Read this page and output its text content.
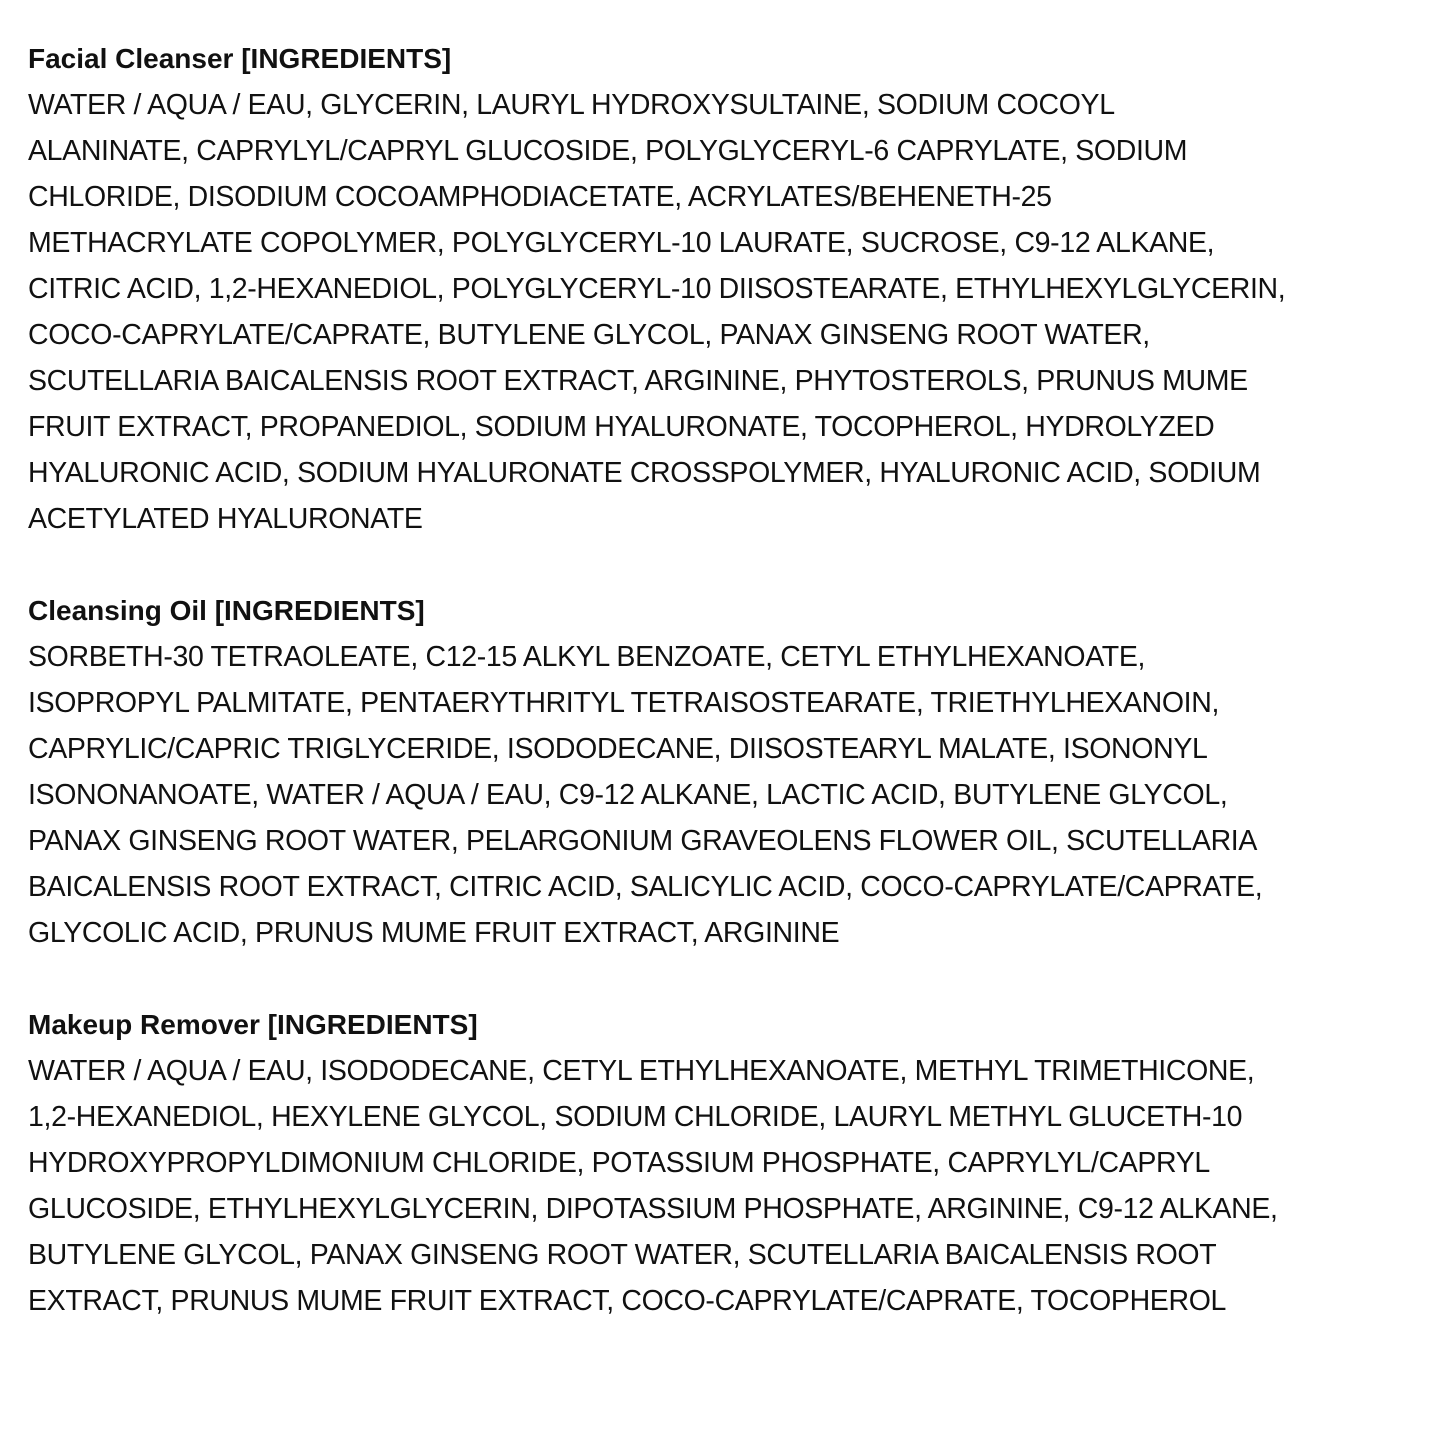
Facial Cleanser [INGREDIENTS]

WATER / AQUA / EAU, GLYCERIN, LAURYL HYDROXYSULTAINE, SODIUM COCOYL

ALANINATE, CAPRYLYL/CAPRYL GLUCOSIDE, POLYGLYCERYL-6 CAPRYLATE, SODIUM

CHLORIDE, DISODIUM COCOAMPHODIACETATE, ACRYLATES/BEHENETH-25

METHACRYLATE COPOLYMER, POLYGLYCERYL-10 LAURATE, SUCROSE, C9-12 ALKANE,

CITRIC ACID, 1,2-HEXANEDIOL, POLYGLYCERYL-10 DIISOSTEARATE, ETHYLHEXYLGLYCERIN,

COCO-CAPRYLATE/CAPRATE, BUTYLENE GLYCOL, PANAX GINSENG ROOT WATER,

SCUTELLARIA BAICALENSIS ROOT EXTRACT, ARGININE, PHYTOSTEROLS, PRUNUS MUME

FRUIT EXTRACT, PROPANEDIOL, SODIUM HYALURONATE, TOCOPHEROL, HYDROLYZED

HYALURONIC ACID, SODIUM HYALURONATE CROSSPOLYMER, HYALURONIC ACID, SODIUM

ACETYLATED HYALURONATE

Cleansing Oil [INGREDIENTS]

SORBETH-30 TETRAOLEATE, C12-15 ALKYL BENZOATE, CETYL ETHYLHEXANOATE,

ISOPROPYL PALMITATE, PENTAERYTHRITYL TETRAISOSTEARATE, TRIETHYLHEXANOIN,

CAPRYLIC/CAPRIC TRIGLYCERIDE, ISODODECANE, DIISOSTEARYL MALATE, ISONONYL

ISONONANOATE, WATER / AQUA / EAU, C9-12 ALKANE, LACTIC ACID, BUTYLENE GLYCOL,

PANAX GINSENG ROOT WATER, PELARGONIUM GRAVEOLENS FLOWER OIL, SCUTELLARIA

BAICALENSIS ROOT EXTRACT, CITRIC ACID, SALICYLIC ACID, COCO-CAPRYLATE/CAPRATE,

GLYCOLIC ACID, PRUNUS MUME FRUIT EXTRACT, ARGININE

Makeup Remover [INGREDIENTS]

WATER / AQUA / EAU, ISODODECANE, CETYL ETHYLHEXANOATE, METHYL TRIMETHICONE,

1,2-HEXANEDIOL, HEXYLENE GLYCOL, SODIUM CHLORIDE, LAURYL METHYL GLUCETH-10

HYDROXYPROPYLDIMONIUM CHLORIDE, POTASSIUM PHOSPHATE, CAPRYLYL/CAPRYL

GLUCOSIDE, ETHYLHEXYLGLYCERIN, DIPOTASSIUM PHOSPHATE, ARGININE, C9-12 ALKANE,

BUTYLENE GLYCOL, PANAX GINSENG ROOT WATER, SCUTELLARIA BAICALENSIS ROOT

EXTRACT, PRUNUS MUME FRUIT EXTRACT, COCO-CAPRYLATE/CAPRATE, TOCOPHEROL
